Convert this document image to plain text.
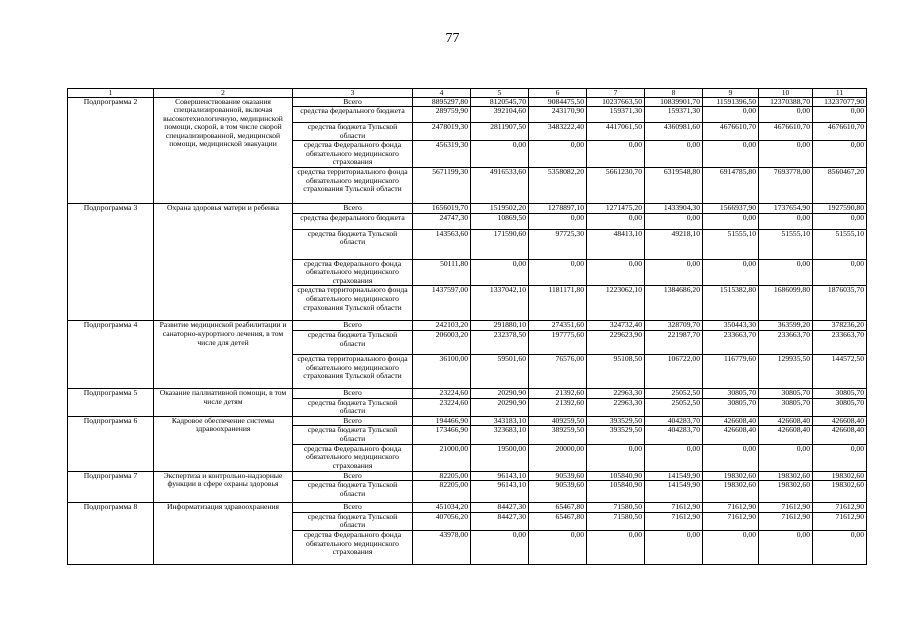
77
1	2	3	4	5	6	7	8	9	10	11
Подпрограмма 2	Совершенствование оказания специализированной, включая высокотехнологичную, медицинской помощи, скорой, в том числе скорой специализированной, медицинской помощи, медицинской эвакуации	Всего	8895297,80	8120545,70	9084475,50	10237663,50	10839901,70	11591396,50	12370388,70	13237077,90
		средства федерального бюджета	289759,90	392104,60	243170,90	159371,30	159371,30	0,00	0,00	0,00
		средства бюджета Тульской области	2478019,30	2811907,50	3483222,40	4417061,50	4360981,60	4676610,70	4676610,70	4676610,70
		средства Федерального фонда обязательного медицинского страхования	456319,30	0,00	0,00	0,00	0,00	0,00	0,00	0,00
		средства территориального фонда обязательного медицинского страхования Тульской области	5671199,30	4916533,60	5358082,20	5661230,70	6319548,80	6914785,80	7693778,00	8560467,20
Подпрограмма 3	Охрана здоровья матери и ребенка	Всего	1656019,70	1519502,20	1278897,10	1271475,20	1433904,30	1566937,90	1737654,90	1927590,80
		средства федерального бюджета	24747,30	10869,50	0,00	0,00	0,00	0,00	0,00	0,00
		средства бюджета Тульской области	143563,60	171590,60	97725,30	48413,10	49218,10	51555,10	51555,10	51555,10
		средства Федерального фонда обязательного медицинского страхования	50111,80	0,00	0,00	0,00	0,00	0,00	0,00	0,00
		средства территориального фонда обязательного медицинского страхования Тульской области	1437597,00	1337042,10	1181171,80	1223062,10	1384686,20	1515382,80	1686099,80	1876035,70
Подпрограмма 4	Развитие медицинской реабилитации и санаторно-курортного лечения, в том числе для детей	Всего	242103,20	291880,10	274351,60	324732,40	328709,70	350443,30	363599,20	378236,20
		средства бюджета Тульской области	206003,20	232378,50	197775,60	229623,90	221987,70	233663,70	233663,70	233663,70
		средства территориального фонда обязательного медицинского страхования Тульской области	36100,00	59501,60	76576,00	95108,50	106722,00	116779,60	129935,50	144572,50
Подпрограмма 5	Оказание паллиативной помощи, в том числе детям	Всего	23224,60	20290,90	21392,60	22963,30	25052,50	30805,70	30805,70	30805,70
		средства бюджета Тульской области	23224,60	20290,90	21392,60	22963,30	25052,50	30805,70	30805,70	30805,70
Подпрограмма 6	Кадровое обеспечение системы здравоохранения	Всего	194466,90	343183,10	409259,50	393529,50	404283,70	426608,40	426608,40	426608,40
		средства бюджета Тульской области	173466,90	323683,10	389259,50	393529,50	404283,70	426608,40	426608,40	426608,40
		средства Федерального фонда обязательного медицинского страхования	21000,00	19500,00	20000,00	0,00	0,00	0,00	0,00	0,00
Подпрограмма 7	Экспертиза и контрольно-надзорные функции в сфере охраны здоровья	Всего	82205,00	96143,10	90539,60	105840,90	141549,90	198302,60	198302,60	198302,60
		средства бюджета Тульской области	82205,00	96143,10	90539,60	105840,90	141549,90	198302,60	198302,60	198302,60
Подпрограмма 8	Информатизация здравоохранения	Всего	451034,20	84427,30	65467,80	71580,50	71612,90	71612,90	71612,90	71612,90
		средства бюджета Тульской области	407056,20	84427,30	65467,80	71580,50	71612,90	71612,90	71612,90	71612,90
		средства Федерального фонда обязательного медицинского страхования	43978,00	0,00	0,00	0,00	0,00	0,00	0,00	0,00
